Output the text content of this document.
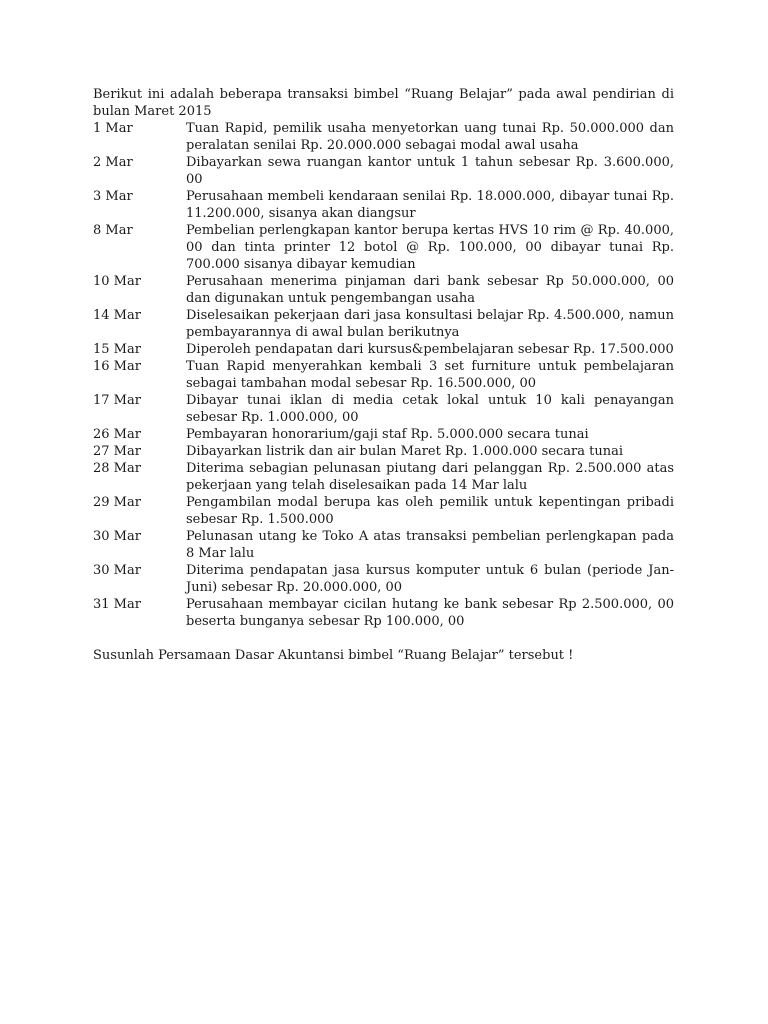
Berikut ini adalah beberapa transaksi bimbel “Ruang Belajar” pada awal pendirian di bulan Maret 2015

1 Mar	Tuan Rapid, pemilik usaha menyetorkan uang tunai Rp. 50.000.000 dan peralatan senilai Rp. 20.000.000 sebagai modal awal usaha
2 Mar	Dibayarkan sewa ruangan kantor untuk 1 tahun sebesar Rp. 3.600.000, 00
3 Mar	Perusahaan membeli kendaraan senilai Rp. 18.000.000, dibayar tunai Rp. 11.200.000, sisanya akan diangsur
8 Mar	Pembelian perlengkapan kantor berupa kertas HVS 10 rim @ Rp. 40.000, 00 dan tinta printer 12 botol @ Rp. 100.000, 00 dibayar tunai Rp. 700.000 sisanya dibayar kemudian
10 Mar	Perusahaan menerima pinjaman dari bank sebesar Rp 50.000.000, 00 dan digunakan untuk pengembangan usaha
14 Mar	Diselesaikan pekerjaan dari jasa konsultasi belajar Rp. 4.500.000, namun pembayarannya di awal bulan berikutnya
15 Mar	Diperoleh pendapatan dari kursus&pembelajaran sebesar Rp. 17.500.000
16 Mar	Tuan Rapid menyerahkan kembali 3 set furniture untuk pembelajaran sebagai tambahan modal sebesar Rp. 16.500.000, 00
17 Mar	Dibayar tunai iklan di media cetak lokal untuk 10 kali penayangan sebesar Rp. 1.000.000, 00
26 Mar	Pembayaran honorarium/gaji staf Rp. 5.000.000 secara tunai
27 Mar	Dibayarkan listrik dan air bulan Maret Rp. 1.000.000 secara tunai
28 Mar	Diterima sebagian pelunasan piutang dari pelanggan Rp. 2.500.000 atas pekerjaan yang telah diselesaikan pada 14 Mar lalu
29 Mar	Pengambilan modal berupa kas oleh pemilik untuk kepentingan pribadi sebesar Rp. 1.500.000
30 Mar	Pelunasan utang ke Toko A atas transaksi pembelian perlengkapan pada 8 Mar lalu
30 Mar	Diterima pendapatan jasa kursus komputer untuk 6 bulan (periode Jan-Juni) sebesar Rp. 20.000.000, 00
31 Mar	Perusahaan membayar cicilan hutang ke bank sebesar Rp 2.500.000, 00 beserta bunganya sebesar Rp 100.000, 00

Susunlah Persamaan Dasar Akuntansi bimbel “Ruang Belajar” tersebut !
